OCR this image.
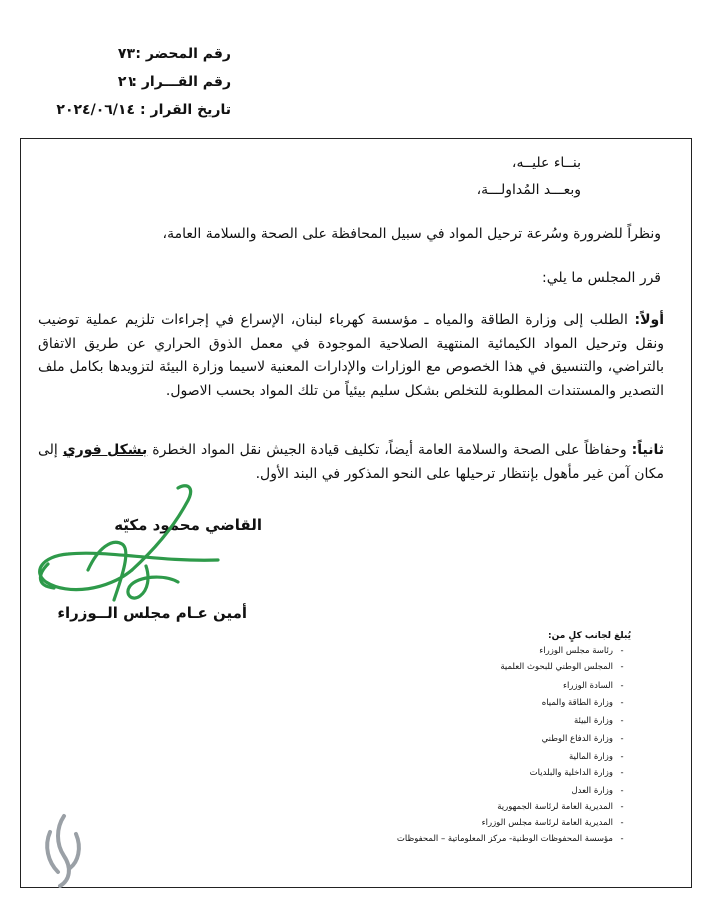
رقم المحضر :٧٣
رقم القـــرار :٢١
تاريخ القرار :٢٠٢٤/٠٦/١٤
بنــاء عليــه،
وبعـــد المُداولـــة،
ونظراً للضرورة وسُرعة ترحيل المواد في سبيل المحافظة على الصحة والسلامة العامة،
قرر المجلس ما يلي:
أولاً: الطلب إلى وزارة الطاقة والمياه ـ مؤسسة كهرباء لبنان، الإسراع في إجراءات تلزيم عملية توضيب ونقل وترحيل المواد الكيمائية المنتهية الصلاحية الموجودة في معمل الذوق الحراري عن طريق الاتفاق بالتراضي، والتنسيق في هذا الخصوص مع الوزارات والإدارات المعنية لاسيما وزارة البيئة لتزويدها بكامل ملف التصدير والمستندات المطلوبة للتخلص بشكل سليم بيئياً من تلك المواد بحسب الاصول.
ثانياً: وحفاظاً على الصحة والسلامة العامة أيضاً، تكليف قيادة الجيش نقل المواد الخطرة بشكل فوري إلى مكان آمن غير مأهول بإنتظار ترحيلها على النحو المذكور في البند الأول.
القاضي محمود مكيّه
أمين عـام مجلس الــوزراء
يُبلغ لجانب كلٍ من:
-رئاسة مجلس الوزراء
-المجلس الوطني للبحوث العلمية
-السادة الوزراء
-وزارة الطاقة والمياه
-وزارة البيئة
-وزارة الدفاع الوطني
-وزارة المالية
-وزارة الداخلية والبلديات
-وزارة العدل
-المديرية العامة لرئاسة الجمهورية
-المديرية العامة لرئاسة مجلس الوزراء
-مؤسسة المحفوظات الوطنية- مركز المعلوماتية – المحفوظات
